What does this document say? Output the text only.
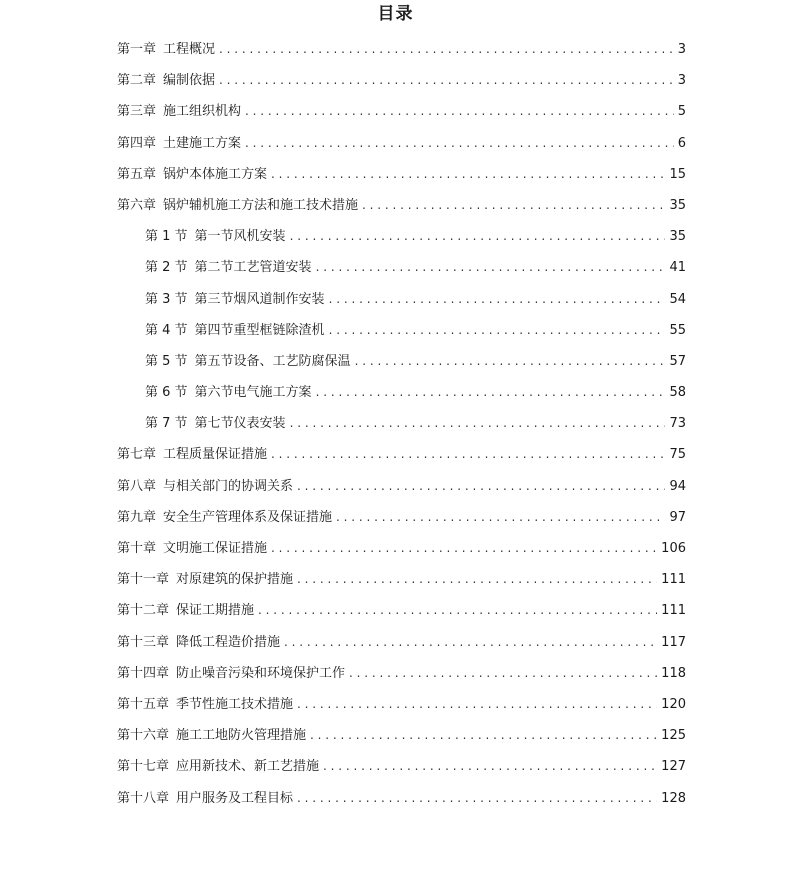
目录
第一章 工程概况 . . .	3
第二章 编制依据 . . .	3
第三章 施工组织机构 . . .	5
第四章 土建施工方案 . . .	6
第五章 锅炉本体施工方案 . . .	15
第六章 锅炉辅机施工方法和施工技术措施 . . .	35
第 1 节 第一节风机安装 . . .	35
第 2 节 第二节工艺管道安装 . . .	41
第 3 节 第三节烟风道制作安装 . . .	54
第 4 节 第四节重型框链除渣机 . . .	55
第 5 节 第五节设备、工艺防腐保温 . . .	57
第 6 节 第六节电气施工方案 . . .	58
第 7 节 第七节仪表安装 . . .	73
第七章 工程质量保证措施 . . .	75
第八章 与相关部门的协调关系 . . .	94
第九章 安全生产管理体系及保证措施 . . .	97
第十章 文明施工保证措施 . . .	106
第十一章 对原建筑的保护措施 . . .	111
第十二章 保证工期措施 . . .	111
第十三章 降低工程造价措施 . . .	117
第十四章 防止噪音污染和环境保护工作 . . .	118
第十五章 季节性施工技术措施 . . .	120
第十六章 施工工地防火管理措施 . . .	125
第十七章 应用新技术、新工艺措施 . . .	127
第十八章 用户服务及工程目标 . . .	128
